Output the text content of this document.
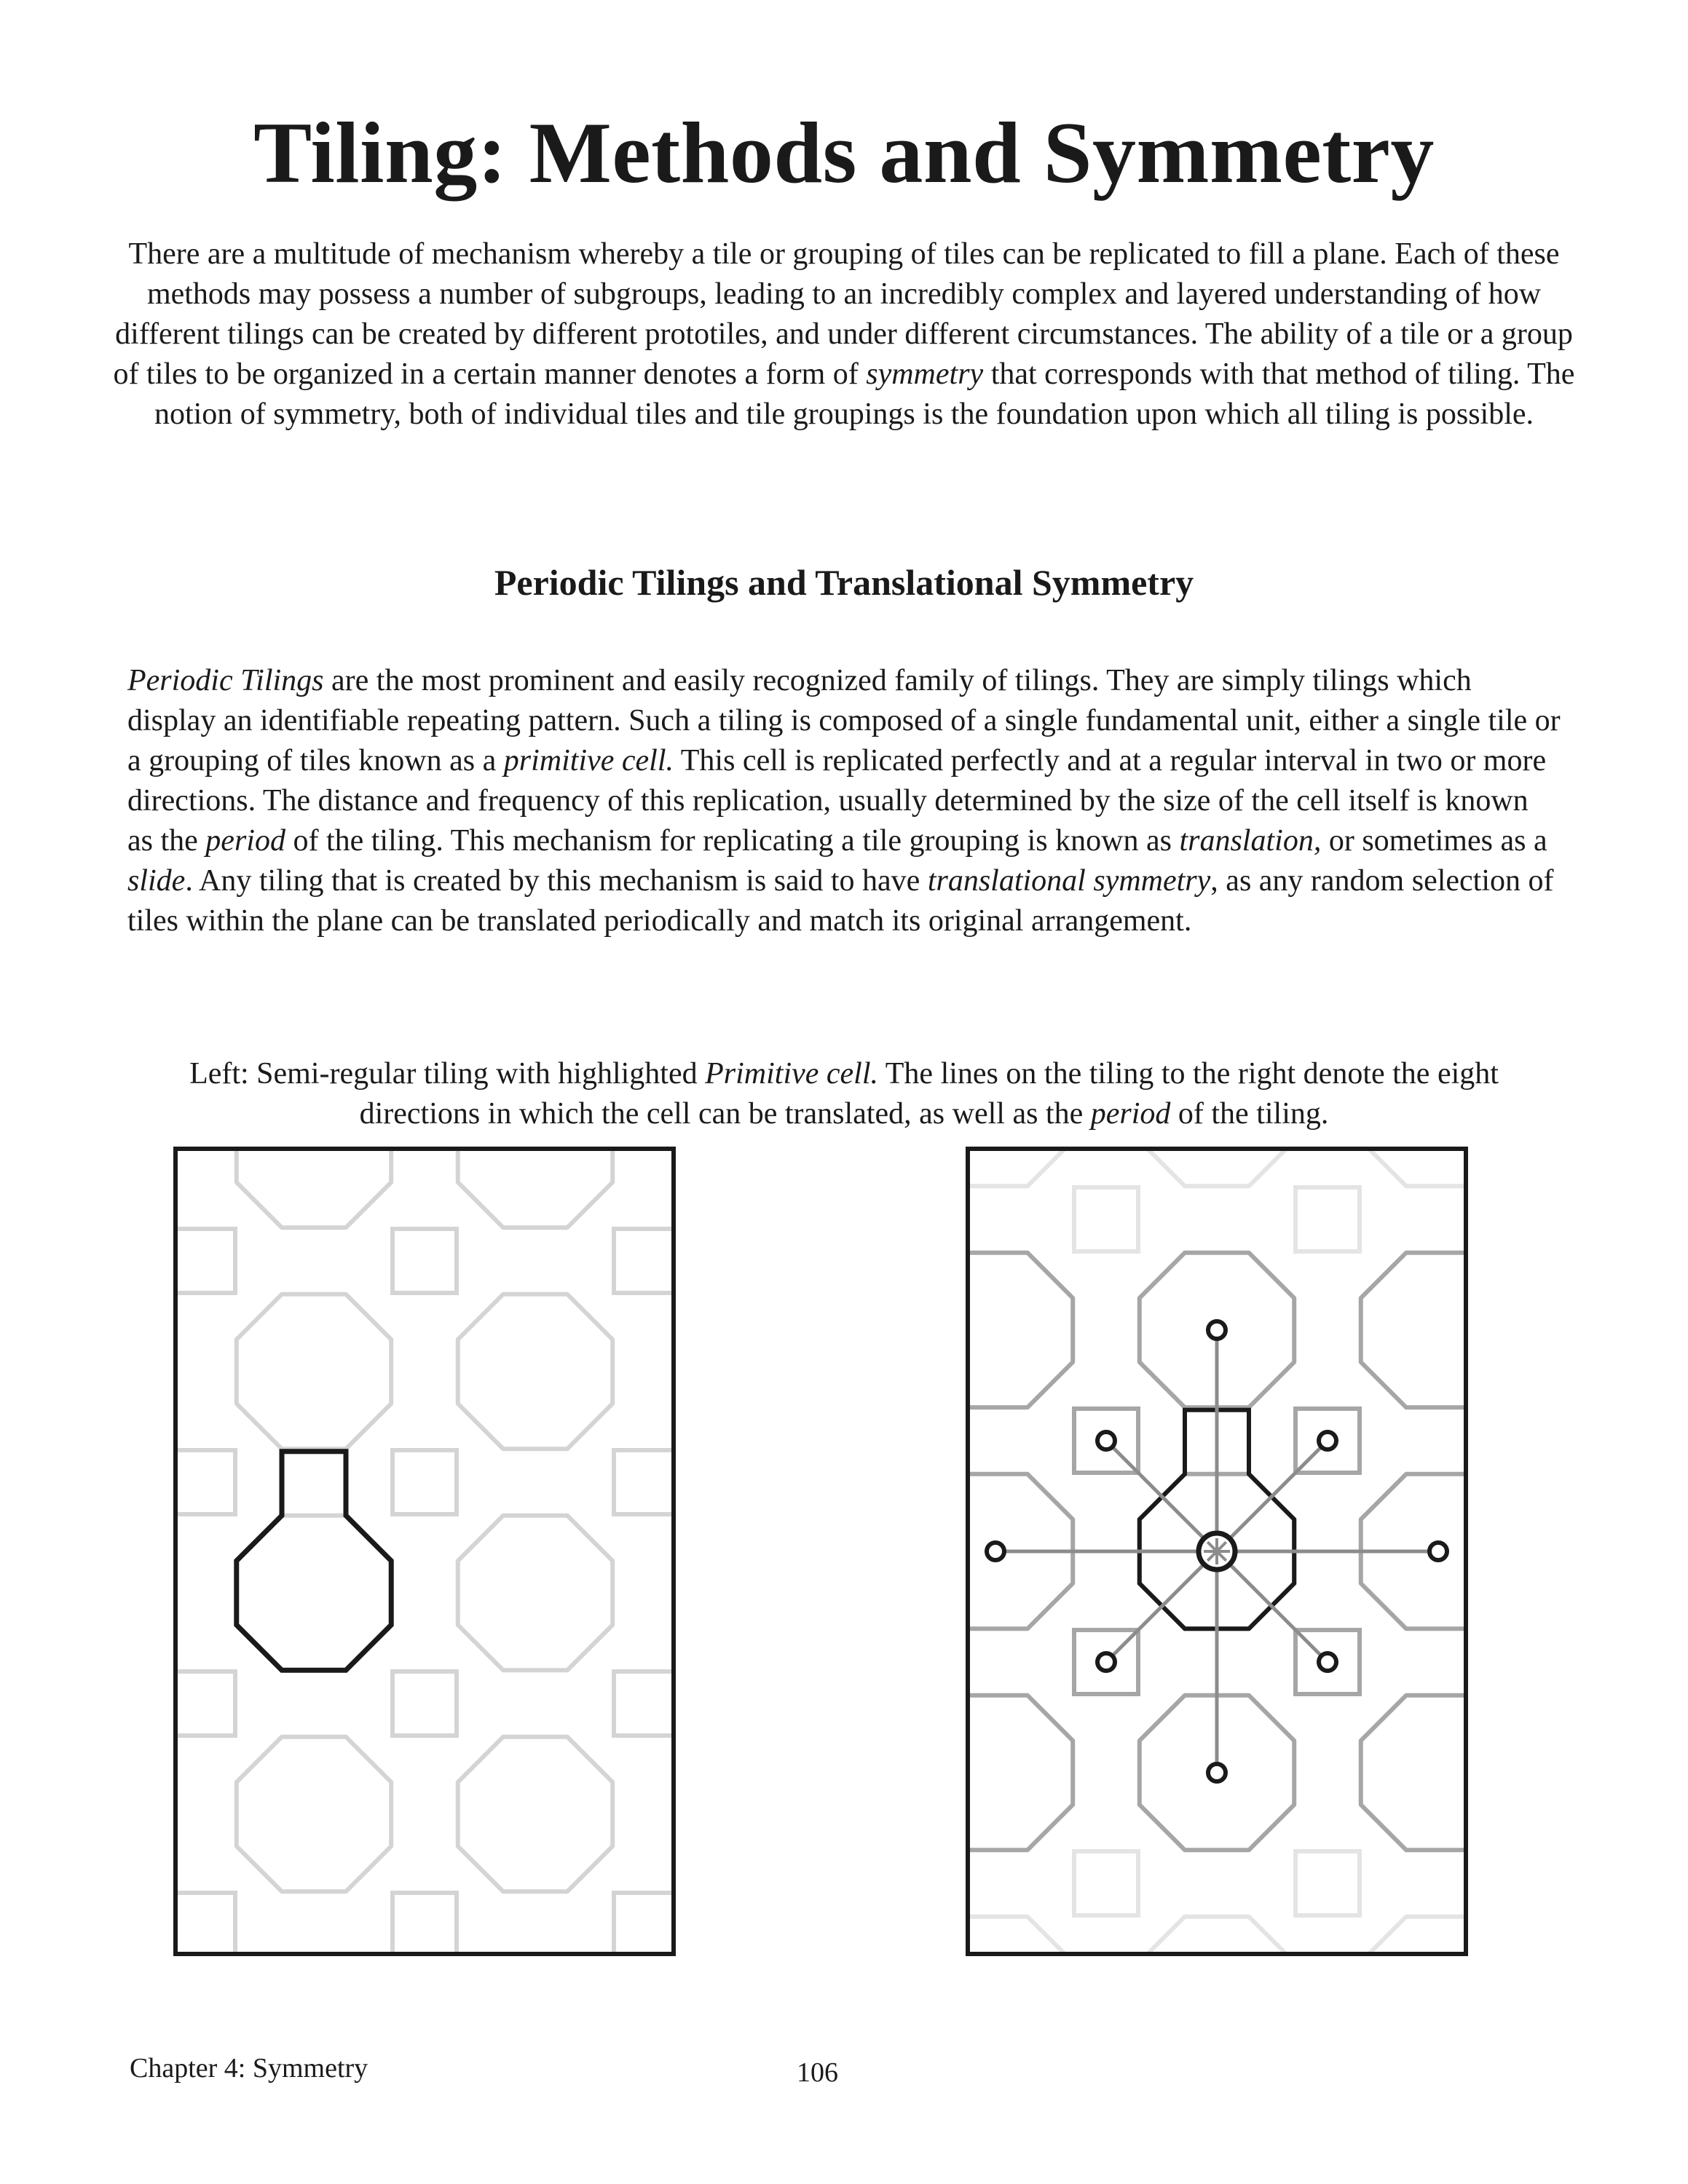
Tiling: Methods and Symmetry

There are a multitude of mechanism whereby a tile or grouping of tiles can be replicated to fill a plane. Each of these methods may possess a number of subgroups, leading to an incredibly complex and layered understanding of how different tilings can be created by different prototiles, and under different circumstances. The ability of a tile or a group of tiles to be organized in a certain manner denotes a form of symmetry that corresponds with that method of tiling. The notion of symmetry, both of individual tiles and tile groupings is the foundation upon which all tiling is possible.

Periodic Tilings and Translational Symmetry

Periodic Tilings are the most prominent and easily recognized family of tilings. They are simply tilings which display an identifiable repeating pattern. Such a tiling is composed of a single fundamental unit, either a single tile or a grouping of tiles known as a primitive cell. This cell is replicated perfectly and at a regular interval in two or more directions. The distance and frequency of this replication, usually determined by the size of the cell itself is known as the period of the tiling. This mechanism for replicating a tile grouping is known as translation, or sometimes as a slide. Any tiling that is created by this mechanism is said to have translational symmetry, as any random selection of tiles within the plane can be translated periodically and match its original arrangement.

Left: Semi-regular tiling with highlighted Primitive cell. The lines on the tiling to the right denote the eight directions in which the cell can be translated, as well as the period of the tiling.

Chapter 4: Symmetry	106
